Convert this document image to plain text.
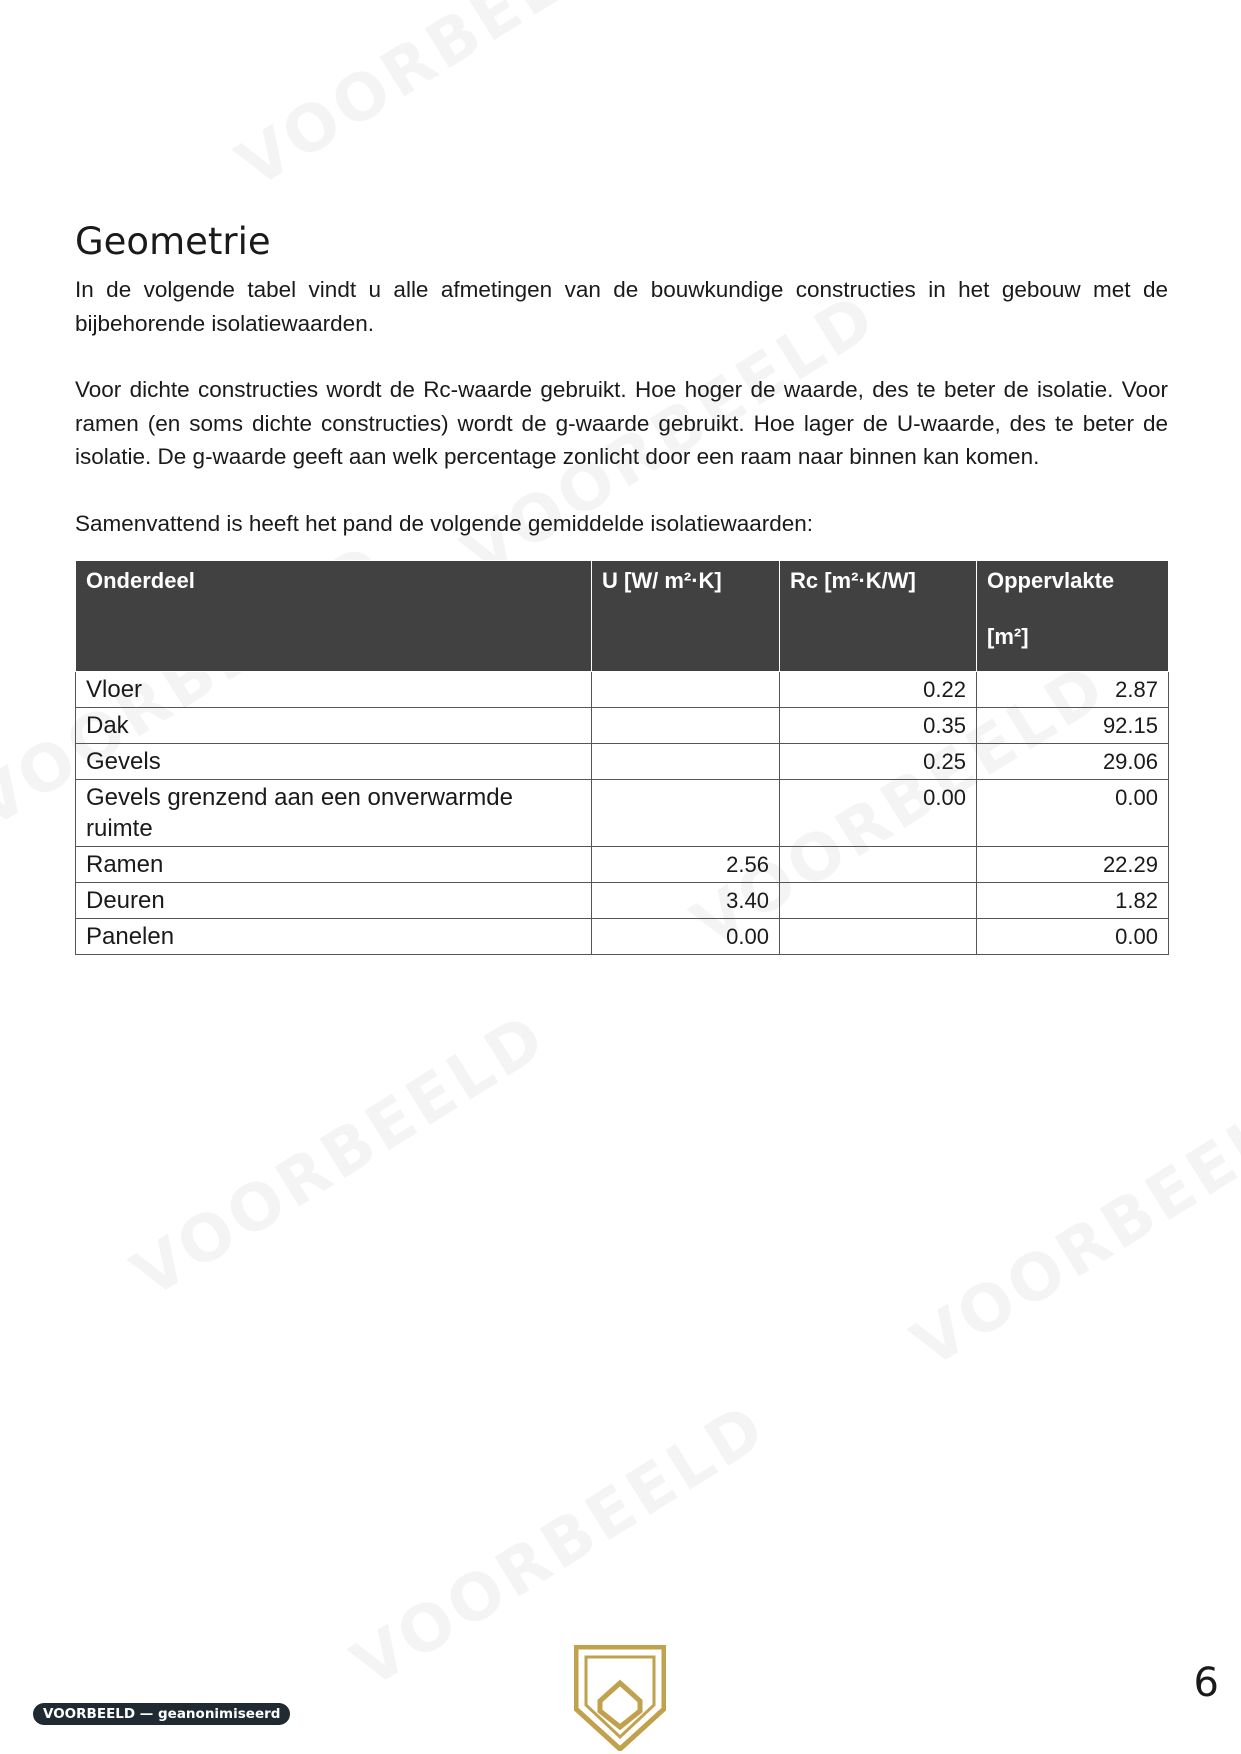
Geometrie

In de volgende tabel vindt u alle afmetingen van de bouwkundige constructies in het gebouw met de bijbehorende isolatiewaarden.

Voor dichte constructies wordt de Rc-waarde gebruikt. Hoe hoger de waarde, des te beter de isolatie. Voor ramen (en soms dichte constructies) wordt de g-waarde gebruikt. Hoe lager de U-waarde, des te beter de isolatie. De g-waarde geeft aan welk percentage zonlicht door een raam naar binnen kan komen.

Samenvattend is heeft het pand de volgende gemiddelde isolatiewaarden:

Onderdeel	U [W/ m²·K]	Rc [m²·K/W]	Oppervlakte
[m²]

Vloer		0.22	2.87
Dak		0.35	92.15
Gevels		0.25	29.06
Gevels grenzend aan een onverwarmde ruimte		0.00	0.00
Ramen	2.56		22.29
Deuren	3.40		1.82
Panelen	0.00		0.00
VOORBEELD — geanonimiseerd
6
